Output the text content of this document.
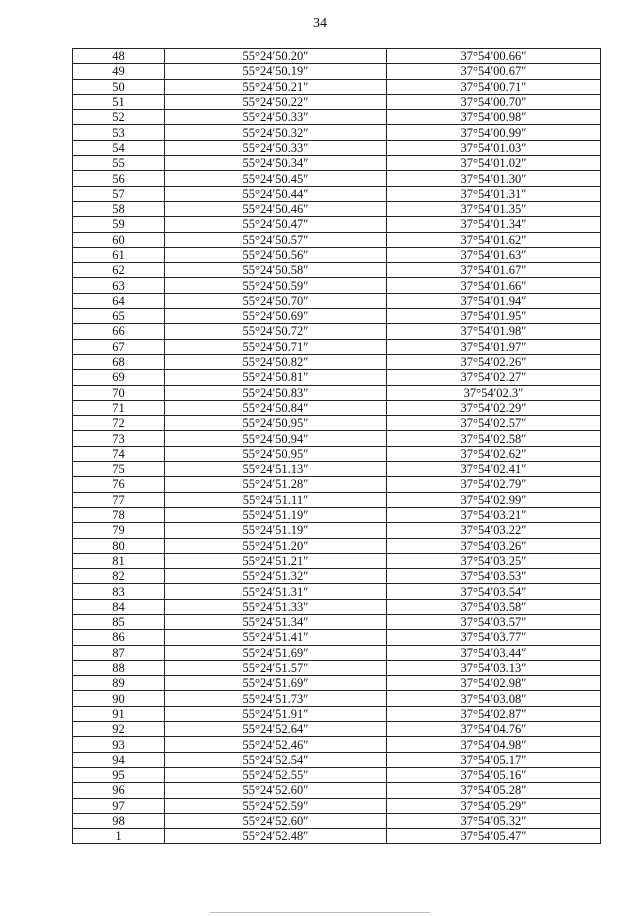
34
48	55°24′50.20″	37°54′00.66″
49	55°24′50.19″	37°54′00.67″
50	55°24′50.21″	37°54′00.71″
51	55°24′50.22″	37°54′00.70″
52	55°24′50.33″	37°54′00.98″
53	55°24′50.32″	37°54′00.99″
54	55°24′50.33″	37°54′01.03″
55	55°24′50.34″	37°54′01.02″
56	55°24′50.45″	37°54′01.30″
57	55°24′50.44″	37°54′01.31″
58	55°24′50.46″	37°54′01.35″
59	55°24′50.47″	37°54′01.34″
60	55°24′50.57″	37°54′01.62″
61	55°24′50.56″	37°54′01.63″
62	55°24′50.58″	37°54′01.67″
63	55°24′50.59″	37°54′01.66″
64	55°24′50.70″	37°54′01.94″
65	55°24′50.69″	37°54′01.95″
66	55°24′50.72″	37°54′01.98″
67	55°24′50.71″	37°54′01.97″
68	55°24′50.82″	37°54′02.26″
69	55°24′50.81″	37°54′02.27″
70	55°24′50.83″	37°54′02.3″
71	55°24′50.84″	37°54′02.29″
72	55°24′50.95″	37°54′02.57″
73	55°24′50.94″	37°54′02.58″
74	55°24′50.95″	37°54′02.62″
75	55°24′51.13″	37°54′02.41″
76	55°24′51.28″	37°54′02.79″
77	55°24′51.11″	37°54′02.99″
78	55°24′51.19″	37°54′03.21″
79	55°24′51.19″	37°54′03.22″
80	55°24′51.20″	37°54′03.26″
81	55°24′51.21″	37°54′03.25″
82	55°24′51.32″	37°54′03.53″
83	55°24′51.31″	37°54′03.54″
84	55°24′51.33″	37°54′03.58″
85	55°24′51.34″	37°54′03.57″
86	55°24′51.41″	37°54′03.77″
87	55°24′51.69″	37°54′03.44″
88	55°24′51.57″	37°54′03.13″
89	55°24′51.69″	37°54′02.98″
90	55°24′51.73″	37°54′03.08″
91	55°24′51.91″	37°54′02.87″
92	55°24′52.64″	37°54′04.76″
93	55°24′52.46″	37°54′04.98″
94	55°24′52.54″	37°54′05.17″
95	55°24′52.55″	37°54′05.16″
96	55°24′52.60″	37°54′05.28″
97	55°24′52.59″	37°54′05.29″
98	55°24′52.60″	37°54′05.32″
1	55°24′52.48″	37°54′05.47″
